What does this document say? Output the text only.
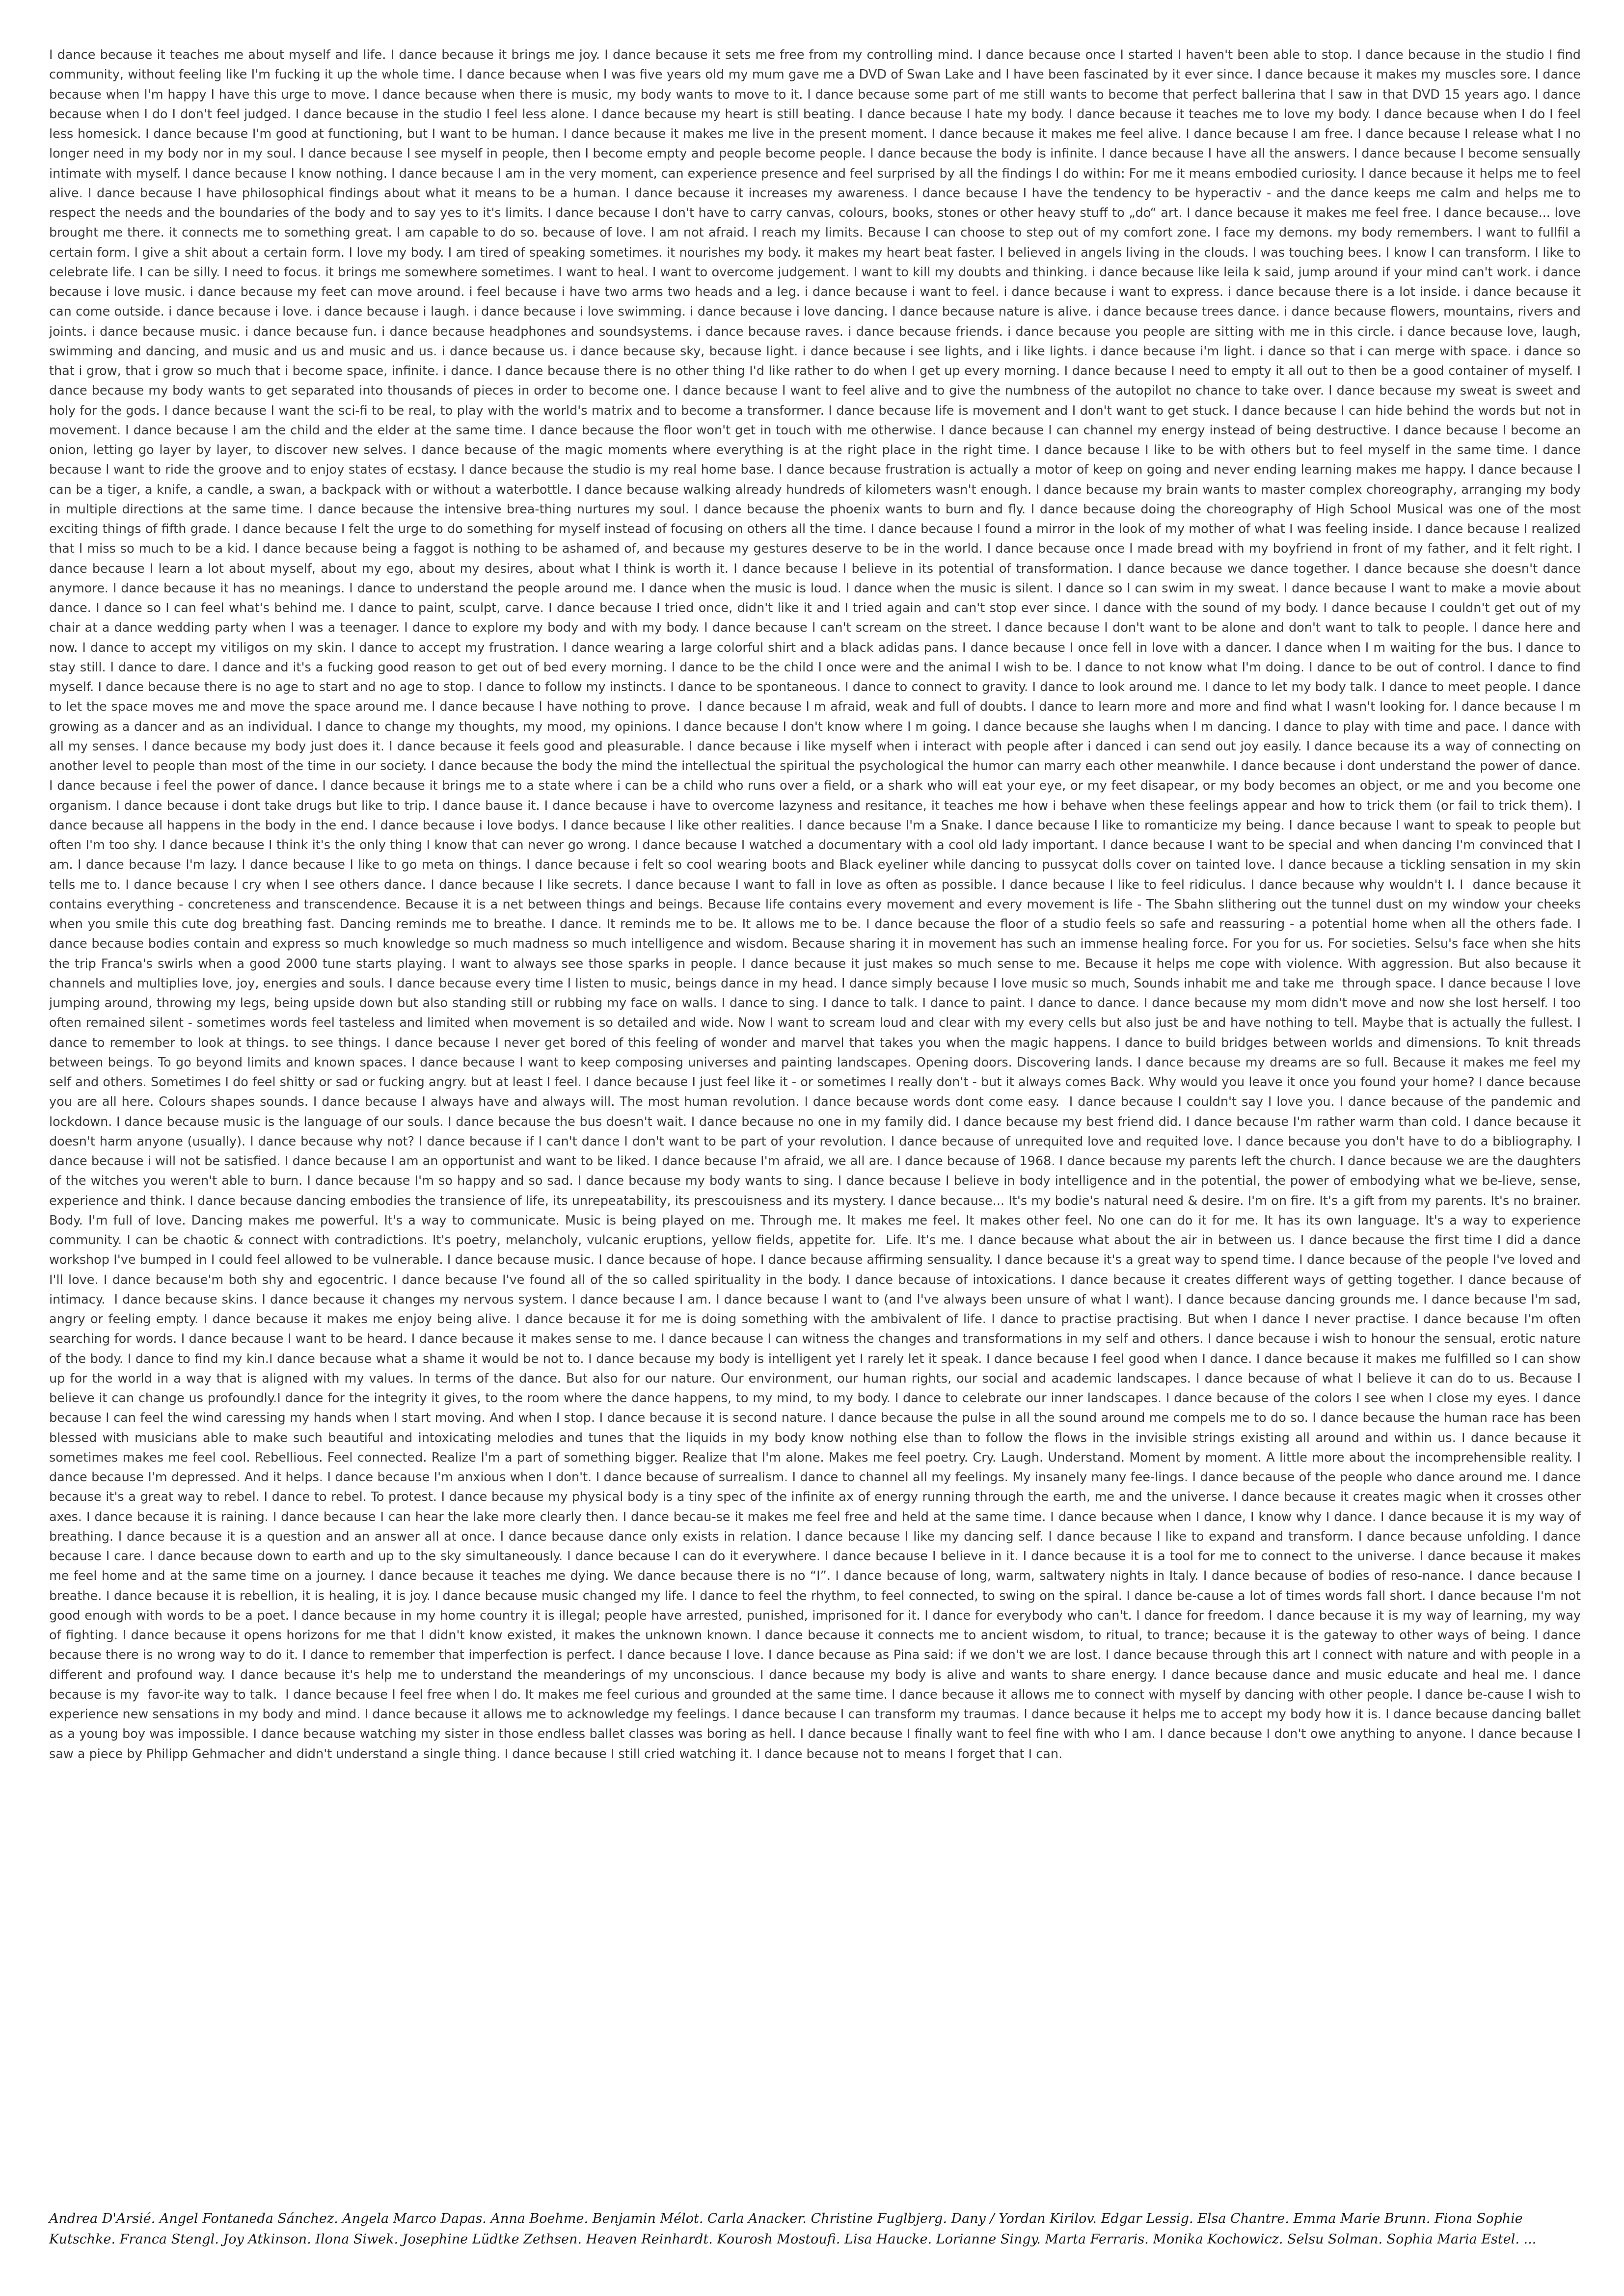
I dance because it teaches me about myself and life. I dance because it brings me joy. I dance because it sets me free from my controlling mind. I dance because once I started I haven't been able to stop. I dance because in the studio I find community, without feeling like I'm fucking it up the whole time. I dance because when I was five years old my mum gave me a DVD of Swan Lake and I have been fascinated by it ever since. I dance because it makes my muscles sore. I dance because when I'm happy I have this urge to move. I dance because when there is music, my body wants to move to it. I dance because some part of me still wants to become that perfect ballerina that I saw in that DVD 15 years ago. I dance because when I do I don't feel judged. I dance because in the studio I feel less alone. I dance because my heart is still beating. I dance because I hate my body. I dance because it teaches me to love my body. I dance because when I do I feel less homesick. I dance because I'm good at functioning, but I want to be human. I dance because it makes me live in the present moment. I dance because it makes me feel alive. I dance because I am free. I dance because I release what I no longer need in my body nor in my soul. I dance because I see myself in people, then I become empty and people become people. I dance because the body is infinite. I dance because I have all the answers. I dance because I become sensually intimate with myself. I dance because I know nothing. I dance because I am in the very moment, can experience presence and feel surprised by all the findings I do within: For me it means embodied curiosity. I dance because it helps me to feel alive. I dance because I have philosophical findings about what it means to be a human. I dance because it increases my awareness. I dance because I have the tendency to be hyperactiv - and the dance keeps me calm and helps me to respect the needs and the boundaries of the body and to say yes to it's limits. I dance because I don't have to carry canvas, colours, books, stones or other heavy stuff to „do“ art. I dance because it makes me feel free. I dance because... love brought me there. it connects me to something great. I am capable to do so. because of love. I am not afraid. I reach my limits. Because I can choose to step out of my comfort zone. I face my demons. my body remembers. I want to fullfil a certain form. I give a shit about a certain form. I love my body. I am tired of speaking sometimes. it nourishes my body. it makes my heart beat faster. I believed in angels living in the clouds. I was touching bees. I know I can transform. I like to celebrate life. I can be silly. I need to focus. it brings me somewhere sometimes. I want to heal. I want to overcome judgement. I want to kill my doubts and thinking. i dance because like leila k said, jump around if your mind can't work. i dance because i love music. i dance because my feet can move around. i feel because i have two arms two heads and a leg. i dance because i want to feel. i dance because i want to express. i dance because there is a lot inside. i dance because it can come outside. i dance because i love. i dance because i laugh. i dance because i love swimming. i dance because i love dancing. I dance because nature is alive. i dance because trees dance. i dance because flowers, mountains, rivers and joints. i dance because music. i dance because fun. i dance because headphones and soundsystems. i dance because raves. i dance because friends. i dance because you people are sitting with me in this circle. i dance because love, laugh, swimming and dancing, and music and us and music and us. i dance because us. i dance because sky, because light. i dance because i see lights, and i like lights. i dance because i'm light. i dance so that i can merge with space. i dance so that i grow, that i grow so much that i become space, infinite. i dance. I dance because there is no other thing I'd like rather to do when I get up every morning. I dance because I need to empty it all out to then be a good container of myself. I dance because my body wants to get separated into thousands of pieces in order to become one. I dance because I want to feel alive and to give the numbness of the autopilot no chance to take over. I dance because my sweat is sweet and holy for the gods. I dance because I want the sci-fi to be real, to play with the world's matrix and to become a transformer. I dance because life is movement and I don't want to get stuck. I dance because I can hide behind the words but not in movement. I dance because I am the child and the elder at the same time. I dance because the floor won't get in touch with me otherwise. I dance because I can channel my energy instead of being destructive. I dance because I become an onion, letting go layer by layer, to discover new selves. I dance because of the magic moments where everything is at the right place in the right time. I dance because I like to be with others but to feel myself in the same time. I dance because I want to ride the groove and to enjoy states of ecstasy. I dance because the studio is my real home base. I dance because frustration is actually a motor of keep on going and never ending learning makes me happy. I dance because I can be a tiger, a knife, a candle, a swan, a backpack with or without a waterbottle. I dance because walking already hundreds of kilometers wasn't enough. I dance because my brain wants to master complex choreography, arranging my body in multiple directions at the same time. I dance because the intensive brea-thing nurtures my soul. I dance because the phoenix wants to burn and fly. I dance because doing the choreography of High School Musical was one of the most exciting things of fifth grade. I dance because I felt the urge to do something for myself instead of focusing on others all the time. I dance because I found a mirror in the look of my mother of what I was feeling inside. I dance because I realized that I miss so much to be a kid. I dance because being a faggot is nothing to be ashamed of, and because my gestures deserve to be in the world. I dance because once I made bread with my boyfriend in front of my father, and it felt right. I dance because I learn a lot about myself, about my ego, about my desires, about what I think is worth it. I dance because I believe in its potential of transformation. I dance because we dance together. I dance because she doesn't dance anymore. I dance because it has no meanings. I dance to understand the people around me. I dance when the music is loud. I dance when the music is silent. I dance so I can swim in my sweat. I dance because I want to make a movie about dance. I dance so I can feel what's behind me. I dance to paint, sculpt, carve. I dance because I tried once, didn't like it and I tried again and can't stop ever since. I dance with the sound of my body. I dance because I couldn't get out of my chair at a dance wedding party when I was a teenager. I dance to explore my body and with my body. I dance because I can't scream on the street. I dance because I don't want to be alone and don't want to talk to people. I dance here and now. I dance to accept my vitiligos on my skin. I dance to accept my frustration. I dance wearing a large colorful shirt and a black adidas pans. I dance because I once fell in love with a dancer. I dance when I m waiting for the bus. I dance to stay still. I dance to dare. I dance and it's a fucking good reason to get out of bed every morning. I dance to be the child I once were and the animal I wish to be. I dance to not know what I'm doing. I dance to be out of control. I dance to find myself. I dance because there is no age to start and no age to stop. I dance to follow my instincts. I dance to be spontaneous. I dance to connect to gravity. I dance to look around me. I dance to let my body talk. I dance to meet people. I dance to let the space moves me and move the space around me. I dance because I have nothing to prove.  I dance because I m afraid, weak and full of doubts. I dance to learn more and more and find what I wasn't looking for. I dance because I m growing as a dancer and as an individual. I dance to change my thoughts, my mood, my opinions. I dance because I don't know where I m going. I dance because she laughs when I m dancing. I dance to play with time and pace. I dance with all my senses. I dance because my body just does it. I dance because it feels good and pleasurable. I dance because i like myself when i interact with people after i danced i can send out joy easily. I dance because its a way of connecting on another level to people than most of the time in our society. I dance because the body the mind the intellectual the spiritual the psychological the humor can marry each other meanwhile. I dance because i dont understand the power of dance. I dance because i feel the power of dance. I dance because it brings me to a state where i can be a child who runs over a field, or a shark who will eat your eye, or my feet disapear, or my body becomes an object, or me and you become one organism. I dance because i dont take drugs but like to trip. I dance bause it. I dance because i have to overcome lazyness and resitance, it teaches me how i behave when these feelings appear and how to trick them (or fail to trick them). I dance because all happens in the body in the end. I dance because i love bodys. I dance because I like other realities. I dance because I'm a Snake. I dance because I like to romanticize my being. I dance because I want to speak to people but often I'm too shy. I dance because I think it's the only thing I know that can never go wrong. I dance because I watched a documentary with a cool old lady important. I dance because I want to be special and when dancing I'm convinced that I am. I dance because I'm lazy. I dance because I like to go meta on things. I dance because i felt so cool wearing boots and Black eyeliner while dancing to pussycat dolls cover on tainted love. I dance because a tickling sensation in my skin tells me to. I dance because I cry when I see others dance. I dance because I like secrets. I dance because I want to fall in love as often as possible. I dance because I like to feel ridiculus. I dance because why wouldn't I. I  dance because it contains everything - concreteness and transcendence. Because it is a net between things and beings. Because life contains every movement and every movement is life - The Sbahn slithering out the tunnel dust on my window your cheeks when you smile this cute dog breathing fast. Dancing reminds me to breathe. I dance. It reminds me to be. It allows me to be. I dance because the floor of a studio feels so safe and reassuring - a potential home when all the others fade. I dance because bodies contain and express so much knowledge so much madness so much intelligence and wisdom. Because sharing it in movement has such an immense healing force. For you for us. For societies. Selsu's face when she hits the trip Franca's swirls when a good 2000 tune starts playing. I want to always see those sparks in people. I dance because it just makes so much sense to me. Because it helps me cope with violence. With aggression. But also because it channels and multiplies love, joy, energies and souls. I dance because every time I listen to music, beings dance in my head. I dance simply because I love music so much, Sounds inhabit me and take me  through space. I dance because I love jumping around, throwing my legs, being upside down but also standing still or rubbing my face on walls. I dance to sing. I dance to talk. I dance to paint. I dance to dance. I dance because my mom didn't move and now she lost herself. I too often remained silent - sometimes words feel tasteless and limited when movement is so detailed and wide. Now I want to scream loud and clear with my every cells but also just be and have nothing to tell. Maybe that is actually the fullest. I dance to remember to look at things. to see things. I dance because I never get bored of this feeling of wonder and marvel that takes you when the magic happens. I dance to build bridges between worlds and dimensions. To knit threads between beings. To go beyond limits and known spaces. I dance because I want to keep composing universes and painting landscapes. Opening doors. Discovering lands. I dance because my dreams are so full. Because it makes me feel my self and others. Sometimes I do feel shitty or sad or fucking angry. but at least I feel. I dance because I just feel like it - or sometimes I really don't - but it always comes Back. Why would you leave it once you found your home? I dance because you are all here. Colours shapes sounds. I dance because I always have and always will. The most human revolution. I dance because words dont come easy.  I dance because I couldn't say I love you. I dance because of the pandemic and lockdown. I dance because music is the language of our souls. I dance because the bus doesn't wait. I dance because no one in my family did. I dance because my best friend did. I dance because I'm rather warm than cold. I dance because it doesn't harm anyone (usually). I dance because why not? I dance because if I can't dance I don't want to be part of your revolution. I dance because of unrequited love and requited love. I dance because you don't have to do a bibliography. I dance because i will not be satisfied. I dance because I am an opportunist and want to be liked. I dance because I'm afraid, we all are. I dance because of 1968. I dance because my parents left the church. I dance because we are the daughters of the witches you weren't able to burn. I dance because I'm so happy and so sad. I dance because my body wants to sing. I dance because I believe in body intelligence and in the potential, the power of embodying what we be-lieve, sense, experience and think. I dance because dancing embodies the transience of life, its unrepeatability, its prescouisness and its mystery. I dance because... It's my bodie's natural need & desire. I'm on fire. It's a gift from my parents. It's no brainer. Body. I'm full of love. Dancing makes me powerful. It's a way to communicate. Music is being played on me. Through me. It makes me feel. It makes other feel. No one can do it for me. It has its own language. It's a way to experience community. I can be chaotic & connect with contradictions. It's poetry, melancholy, vulcanic eruptions, yellow fields, appetite for.  Life. It's me. I dance because what about the air in between us. I dance because the first time I did a dance workshop I've bumped in I could feel allowed to be vulnerable. I dance because music. I dance because of hope. I dance because affirming sensuality. I dance because it's a great way to spend time. I dance because of the people I've loved and I'll love. I dance because'm both shy and egocentric. I dance because I've found all of the so called spirituality in the body. I dance because of intoxications. I dance because it creates different ways of getting together. I dance because of intimacy.  I dance because skins. I dance because it changes my nervous system. I dance because I am. I dance because I want to (and I've always been unsure of what I want). I dance because dancing grounds me. I dance because I'm sad, angry or feeling empty. I dance because it makes me enjoy being alive. I dance because it for me is doing something with the ambivalent of life. I dance to practise practising. But when I dance I never practise. I dance because I'm often searching for words. I dance because I want to be heard. I dance because it makes sense to me. I dance because I can witness the changes and transformations in my self and others. I dance because i wish to honour the sensual, erotic nature of the body. I dance to find my kin.I dance because what a shame it would be not to. I dance because my body is intelligent yet I rarely let it speak. I dance because I feel good when I dance. I dance because it makes me fulfilled so I can show up for the world in a way that is aligned with my values. In terms of the dance. But also for our nature. Our environment, our human rights, our social and academic landscapes. I dance because of what I believe it can do to us. Because I believe it can change us profoundly.I dance for the integrity it gives, to the room where the dance happens, to my mind, to my body. I dance to celebrate our inner landscapes. I dance because of the colors I see when I close my eyes. I dance because I can feel the wind caressing my hands when I start moving. And when I stop. I dance because it is second nature. I dance because the pulse in all the sound around me compels me to do so. I dance because the human race has been blessed with musicians able to make such beautiful and intoxicating melodies and tunes that the liquids in my body know nothing else than to follow the flows in the invisible strings existing all around and within us. I dance because it sometimes makes me feel cool. Rebellious. Feel connected. Realize I'm a part of something bigger. Realize that I'm alone. Makes me feel poetry. Cry. Laugh. Understand. Moment by moment. A little more about the incomprehensible reality. I dance because I'm depressed. And it helps. I dance because I'm anxious when I don't. I dance because of surrealism. I dance to channel all my feelings. My insanely many fee-lings. I dance because of the people who dance around me. I dance because it's a great way to rebel. I dance to rebel. To protest. I dance because my physical body is a tiny spec of the infinite ax of energy running through the earth, me and the universe. I dance because it creates magic when it crosses other axes. I dance because it is raining. I dance because I can hear the lake more clearly then. I dance becau-se it makes me feel free and held at the same time. I dance because when I dance, I know why I dance. I dance because it is my way of breathing. I dance because it is a question and an answer all at once. I dance because dance only exists in relation. I dance because I like my dancing self. I dance because I like to expand and transform. I dance because unfolding. I dance because I care. I dance because down to earth and up to the sky simultaneously. I dance because I can do it everywhere. I dance because I believe in it. I dance because it is a tool for me to connect to the universe. I dance because it makes me feel home and at the same time on a journey. I dance because it teaches me dying. We dance because there is no “I”. I dance because of long, warm, saltwatery nights in Italy. I dance because of bodies of reso-nance. I dance because I breathe. I dance because it is rebellion, it is healing, it is joy. I dance because music changed my life. I dance to feel the rhythm, to feel connected, to swing on the spiral. I dance be-cause a lot of times words fall short. I dance because I'm not good enough with words to be a poet. I dance because in my home country it is illegal; people have arrested, punished, imprisoned for it. I dance for everybody who can't. I dance for freedom. I dance because it is my way of learning, my way of fighting. I dance because it opens horizons for me that I didn't know existed, it makes the unknown known. I dance because it connects me to ancient wisdom, to ritual, to trance; because it is the gateway to other ways of being. I dance because there is no wrong way to do it. I dance to remember that imperfection is perfect. I dance because I love. I dance because as Pina said: if we don't we are lost. I dance because through this art I connect with nature and with people in a different and profound way. I dance because it's help me to understand the meanderings of my unconscious. I dance because my body is alive and wants to share energy. I dance because dance and music educate and heal me. I dance because is my  favor-ite way to talk.  I dance because I feel free when I do. It makes me feel curious and grounded at the same time. I dance because it allows me to connect with myself by dancing with other people. I dance be-cause I wish to experience new sensations in my body and mind. I dance because it allows me to acknowledge my feelings. I dance because I can transform my traumas. I dance because it helps me to accept my body how it is. I dance because dancing ballet as a young boy was impossible. I dance because watching my sister in those endless ballet classes was boring as hell. I dance because I finally want to feel fine with who I am. I dance because I don't owe anything to anyone. I dance because I saw a piece by Philipp Gehmacher and didn't understand a single thing. I dance because I still cried watching it. I dance because not to means I forget that I can.

Andrea D'Arsié. Angel Fontaneda Sánchez. Angela Marco Dapas. Anna Boehme. Benjamin Mélot. Carla Anacker. Christine Fuglbjerg. Dany / Yordan Kirilov. Edgar Lessig. Elsa Chantre. Emma Marie Brunn. Fiona Sophie Kutschke. Franca Stengl. Joy Atkinson. Ilona Siwek. Josephine Lüdtke Zethsen. Heaven Reinhardt. Kourosh Mostoufi. Lisa Haucke. Lorianne Singy. Marta Ferraris. Monika Kochowicz. Selsu Solman. Sophia Maria Estel. ...
